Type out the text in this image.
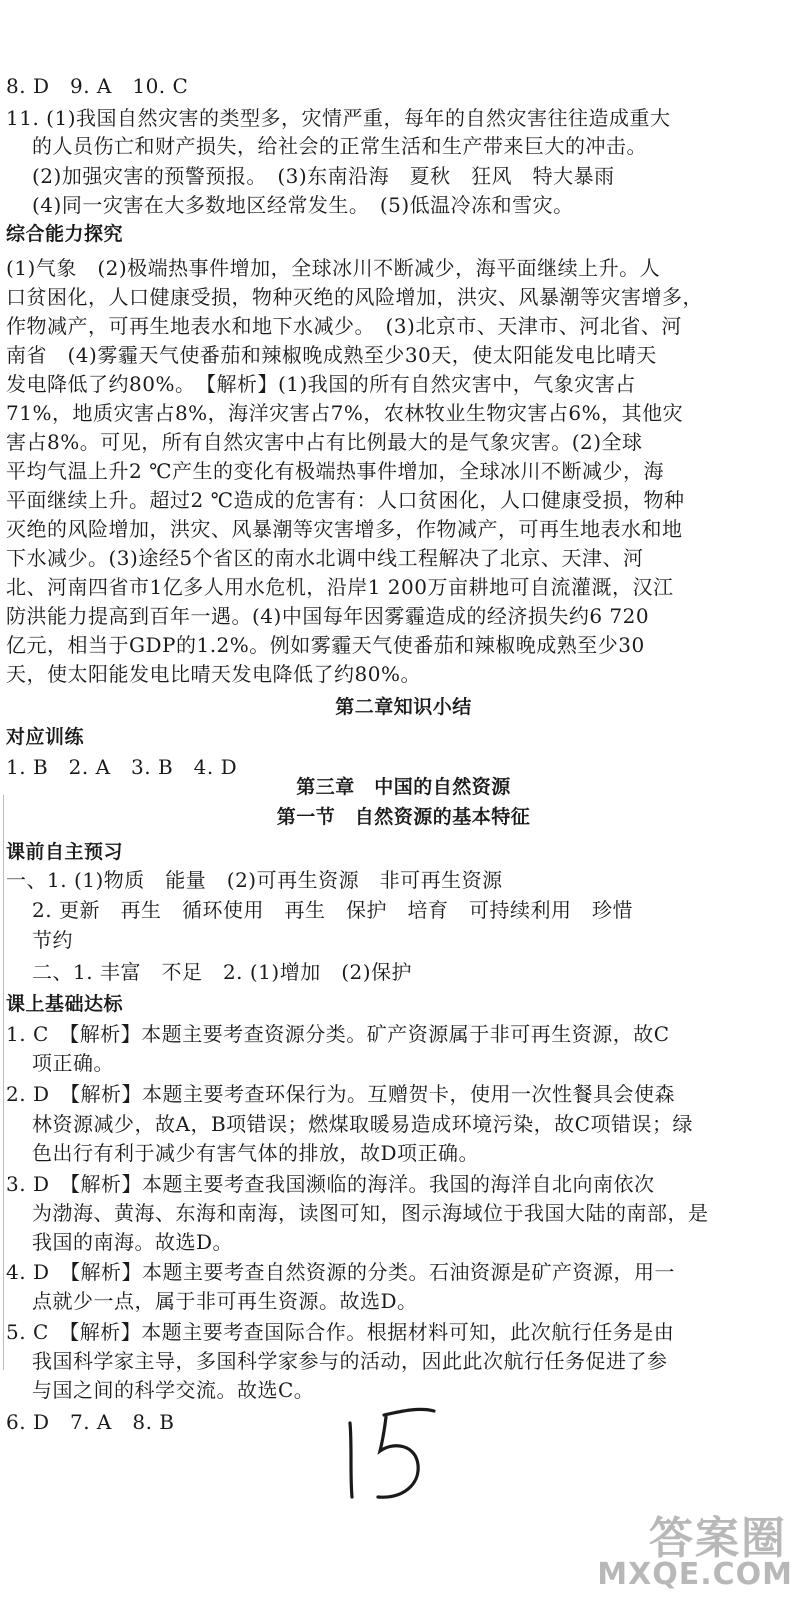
8. D　9. A　10. C
11. (1)我国自然灾害的类型多，灾情严重，每年的自然灾害往往造成重大
的人员伤亡和财产损失，给社会的正常生活和生产带来巨大的冲击。
(2)加强灾害的预警预报。　(3)东南沿海　夏秋　狂风　特大暴雨
(4)同一灾害在大多数地区经常发生。　(5)低温冷冻和雪灾。
综合能力探究
(1)气象　(2)极端热事件增加，全球冰川不断减少，海平面继续上升。人
口贫困化，人口健康受损，物种灭绝的风险增加，洪灾、风暴潮等灾害增多，
作物减产，可再生地表水和地下水减少。　(3)北京市、天津市、河北省、河
南省　(4)雾霾天气使番茄和辣椒晚成熟至少30天，使太阳能发电比晴天
发电降低了约80%。　【解析】(1)我国的所有自然灾害中，气象灾害占
71%，地质灾害占8%，海洋灾害占7%，农林牧业生物灾害占6%，其他灾
害占8%。可见，所有自然灾害中占有比例最大的是气象灾害。(2)全球
平均气温上升2 ℃产生的变化有极端热事件增加，全球冰川不断减少，海
平面继续上升。超过2 ℃造成的危害有：人口贫困化，人口健康受损，物种
灭绝的风险增加，洪灾、风暴潮等灾害增多，作物减产，可再生地表水和地
下水减少。(3)途经5个省区的南水北调中线工程解决了北京、天津、河
北、河南四省市1亿多人用水危机，沿岸1 200万亩耕地可自流灌溉，汉江
防洪能力提高到百年一遇。(4)中国每年因雾霾造成的经济损失约6 720
亿元，相当于GDP的1.2%。例如雾霾天气使番茄和辣椒晚成熟至少30
天，使太阳能发电比晴天发电降低了约80%。
第二章知识小结
对应训练
1. B　2. A　3. B　4. D
第三章　中国的自然资源
第一节　自然资源的基本特征
课前自主预习
一、1. (1)物质　能量　(2)可再生资源　非可再生资源
2. 更新　再生　循环使用　再生　保护　培育　可持续利用　珍惜
节约
二、1. 丰富　不足　2. (1)增加　(2)保护
课上基础达标
1. C　【解析】本题主要考查资源分类。矿产资源属于非可再生资源，故C
项正确。
2. D　【解析】本题主要考查环保行为。互赠贺卡，使用一次性餐具会使森
林资源减少，故A，B项错误；燃煤取暖易造成环境污染，故C项错误；绿
色出行有利于减少有害气体的排放，故D项正确。
3. D　【解析】本题主要考查我国濒临的海洋。我国的海洋自北向南依次
为渤海、黄海、东海和南海，读图可知，图示海域位于我国大陆的南部，是
我国的南海。故选D。
4. D　【解析】本题主要考查自然资源的分类。石油资源是矿产资源，用一
点就少一点，属于非可再生资源。故选D。
5. C　【解析】本题主要考查国际合作。根据材料可知，此次航行任务是由
我国科学家主导，多国科学家参与的活动，因此此次航行任务促进了参
与国之间的科学交流。故选C。
6. D　7. A　8. B
答案圈
MXQE.COM
